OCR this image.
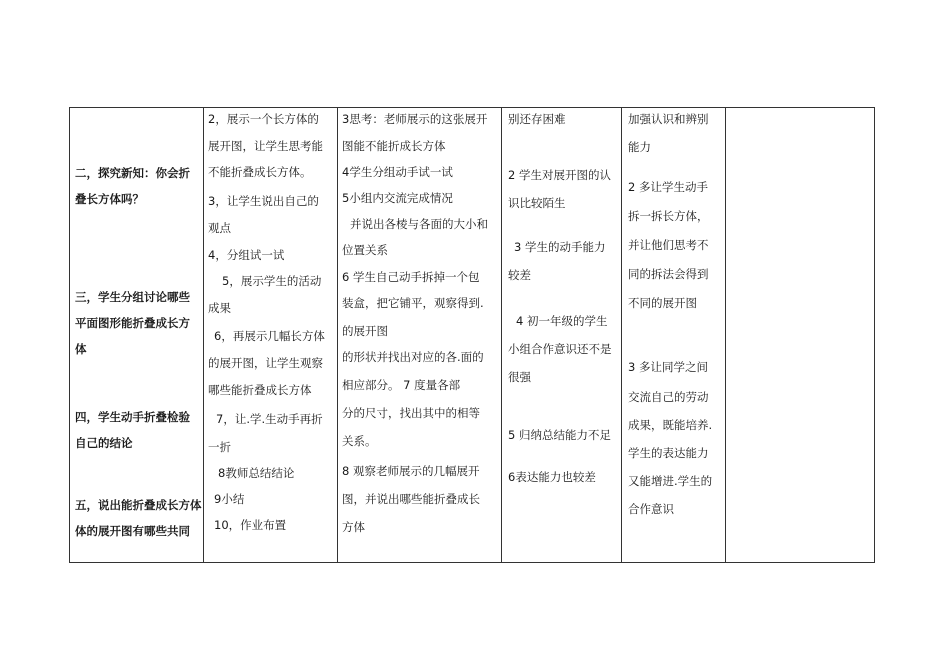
二，探究新知：你会折
叠长方体吗？
三，学生分组讨论哪些
平面图形能折叠成长方
体
四，学生动手折叠检验
自己的结论
五，说出能折叠成长方体
体的展开图有哪些共同
2，展示一个长方体的
展开图，让学生思考能
不能折叠成长方体。
3，让学生说出自己的
观点
4，分组试一试
5，展示学生的活动
成果
6，再展示几幅长方体
的展开图，让学生观察
哪些能折叠成长方体
7，让.学.生动手再折
一折
8教师总结结论
9小结
10，作业布置
3思考：老师展示的这张展开
图能不能折成长方体
4学生分组动手试一试
5小组内交流完成情况
并说出各棱与各面的大小和
位置关系
6 学生自己动手拆掉一个包
装盒，把它铺平，观察得到.
的展开图
的形状并找出对应的各.面的
相应部分。 7 度量各部
分的尺寸，找出其中的相等
关系。
8 观察老师展示的几幅展开
图，并说出哪些能折叠成长
方体
别还存困难
2 学生对展开图的认
识比较陌生
3 学生的动手能力
较差
4 初一年级的学生
小组合作意识还不是
很强
5 归纳总结能力不足
6表达能力也较差
加强认识和辨别
能力
2 多让学生动手
拆一拆长方体，
并让他们思考不
同的拆法会得到
不同的展开图
3 多让同学之间
交流自己的劳动
成果，既能培养.
学生的表达能力
又能增进.学生的
合作意识
